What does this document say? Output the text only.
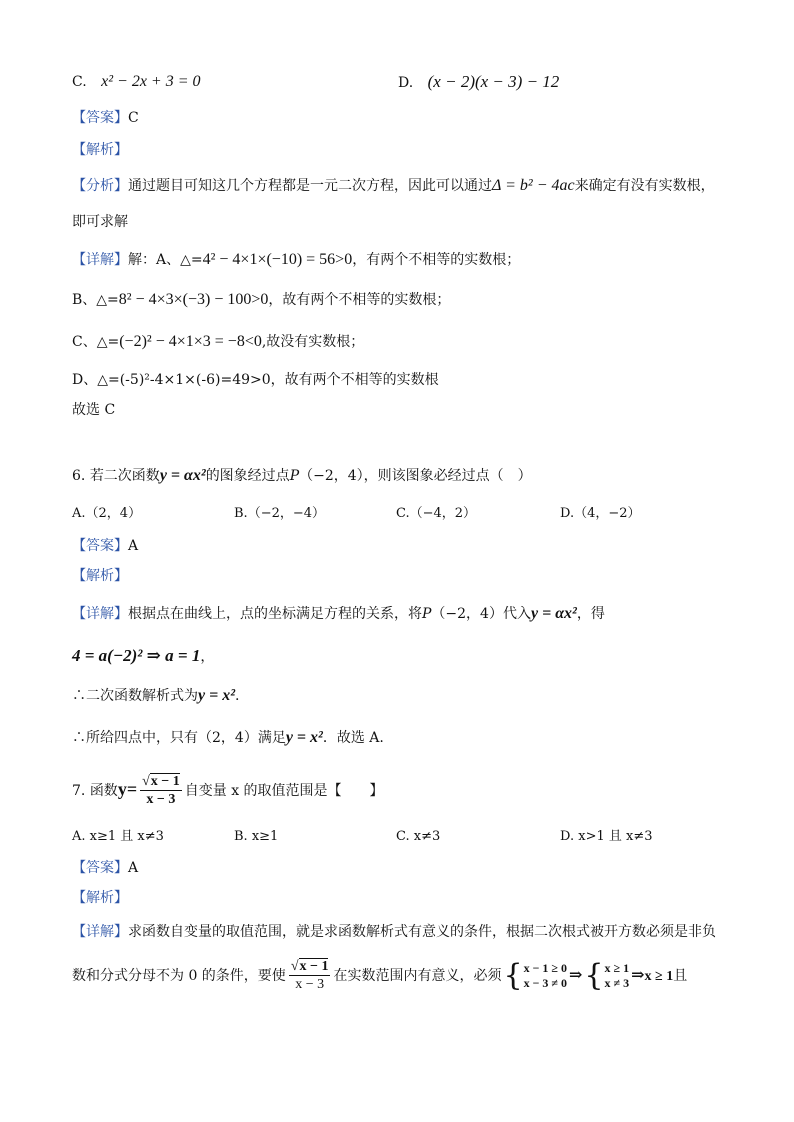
C. x² − 2x + 3 = 0	D. (x − 2)(x − 3) − 12
【答案】C
【解析】
【分析】通过题目可知这几个方程都是一元二次方程，因此可以通过Δ = b² − 4ac来确定有没有实数根，
即可求解
【详解】解：A、△=4² − 4×1×(−10) = 56>0，有两个不相等的实数根；
B、△=8² − 4×3×(−3) − 100>0，故有两个不相等的实数根；
C、△=(−2)² − 4×1×3 = −8<0,故没有实数根；
D、△=(-5)²-4×1×(-6)=49>0，故有两个不相等的实数根
故选 C
6. 若二次函数y = αx²的图象经过点P（−2，4），则该图象必经过点（　）
A.（2，4）	B.（−2，−4）	C.（−4，2）	D.（4，−2）
【答案】A
【解析】
【详解】根据点在曲线上，点的坐标满足方程的关系，将P（−2，4）代入y = αx²，得
4 = a(−2)² ⇒ a = 1，
∴二次函数解析式为y = x².
∴所给四点中，只有（2，4）满足y = x²．故选 A.
7. 函数$y= \frac{√x - 1}{x - 3}$ 自变量 x 的取值范围是【　　】
A. x≥1 且 x≠3	B. x≥1	C. x≠3	D. x>1 且 x≠3
【答案】A
【解析】
【详解】求函数自变量的取值范围，就是求函数解析式有意义的条件，根据二次根式被开方数必须是非负
数和分式分母不为 0 的条件，要使 $\frac{√x - 1}{x - 3}$ 在实数范围内有意义，必须 { x − 1 ≥ 0
x − 3 ≠ 0 ⇒ { x ≥ 1
x ≠ 3 ⇒x ≥ 1且
